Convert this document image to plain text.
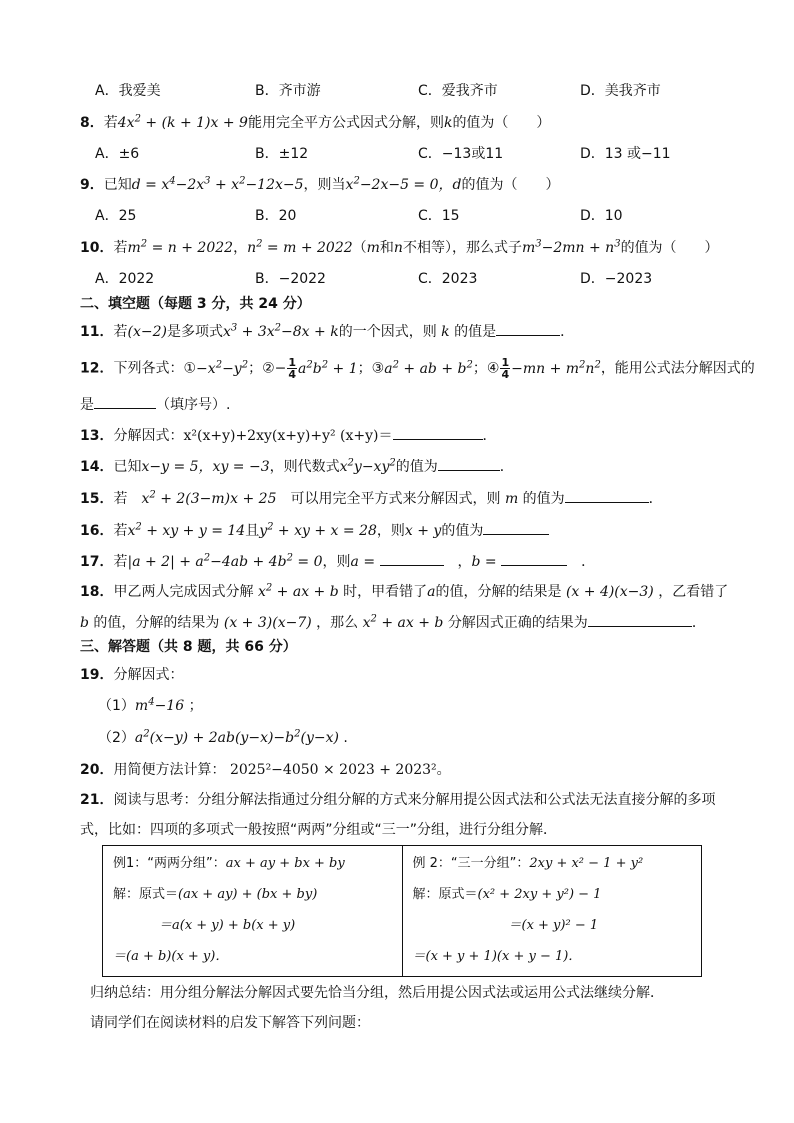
A．我爱美	B．齐市游	C．爱我齐市	D．美我齐市
8．若$4x^2 + (k + 1)x + 9$能用完全平方公式因式分解，则k的值为（　　）
A．±6	B．±12	C．−13或11	D．13 或−11
9．已知$d = x^4-2x^3 + x^2-12x-5$，则当$x^2-2x-5 = 0$，d的值为（　　）
A．25	B．20	C．15	D．10
10．若$m^2 = n + 2022$，$n^2 = m + 2022(m$和n不相等），那么式子$m^3-2mn + n^3$的值为（　　）
A．2022	B．−2022	C．2023	D．−2023
二、填空题（每题 3 分，共 24 分）
11．若(x−2)是多项式$x^3 + 3x^2-8x + k$的一个因式，则 k 的值是	．
12．下列各式：$①-x^2-y^2$；②− $\frac{1}{4} a^2b^2 + 1$；$③a^2$ + ab + $b^2$；④ $\frac{1}{4} -mn + m^2n^2$，能用公式法分解因式的
是	（填序号）.
13．分解因式：x²(x+y)+2xy(x+y)+y² (x+y)＝	．
14．已知x−y = 5，xy = −3，则代数式$x^2y-xy^2$的值为	．
15．若　 $x^2 + 2(3-m)x + 25$　 可以用完全平方式来分解因式，则 m 的值为	．
16．若$x^2$ + xy + y = 14且$y^2$ + xy + x = 28，则x + y的值为
17．若$|a + 2| + a^2-4ab + 4b^2 = 0$，则a = 　	，b =	　．
18．甲乙两人完成因式分解 $x^2$ + ax + b 时，甲看错了a的值，分解的结果是 (x + 4)(x−3) ，乙看错了
b 的值，分解的结果为 (x + 3)(x−7) ，那么 $x^2$ + ax + b 分解因式正确的结果为	．
三、解答题（共 8 题，共 66 分）
19．分解因式：
$(1)m^4-16$ ；
$(2)a^2(x-y) + 2ab(y-x)-b^2(y-x)$ .
20．用简便方法计算： 2025²−4050 × 2023 + 2023²。
21．阅读与思考：分组分解法指通过分组分解的方式来分解用提公因式法和公式法无法直接分解的多项
式，比如：四项的多项式一般按照“两两”分组或“三一”分组，进行分组分解．
例1：“两两分组”：ax + ay + bx + by
解：原式＝(ax + ay) + (bx + by)
＝a(x + y) + b(x + y)
＝(a + b)(x + y)．

例 2：“三一分组”：2xy + x² − 1 + y²
解：原式＝(x² + 2xy + y²) − 1
＝(x + y)² − 1
＝(x + y + 1)(x + y − 1)．
归纳总结：用分组分解法分解因式要先恰当分组，然后用提公因式法或运用公式法继续分解．
请同学们在阅读材料的启发下解答下列问题：
